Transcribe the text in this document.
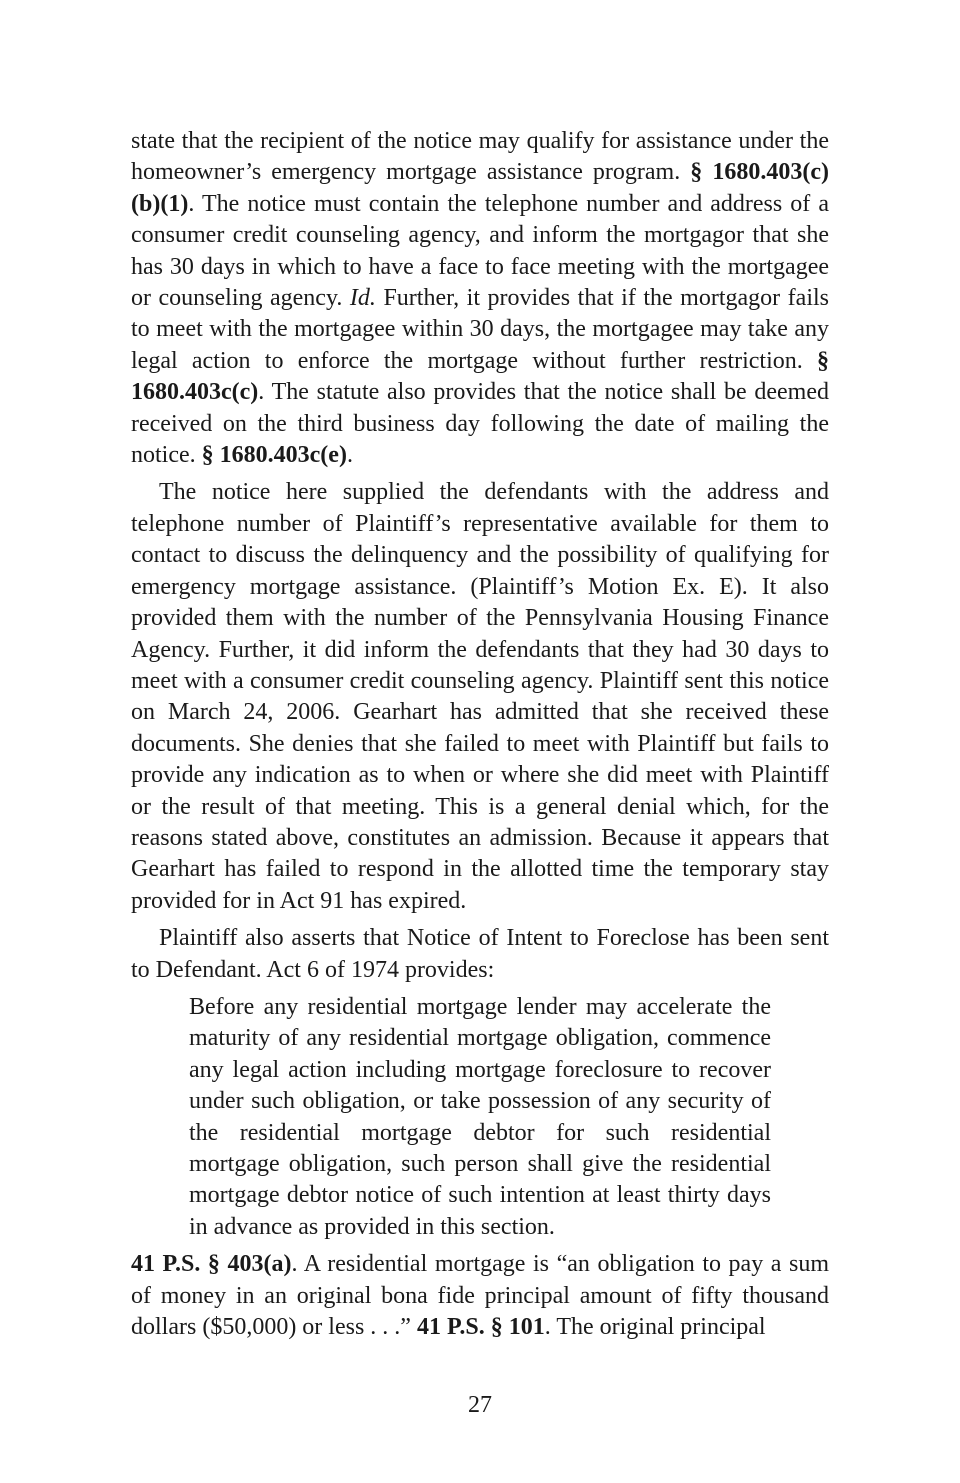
state that the recipient of the notice may qualify for assistance under the homeowner’s emergency mortgage assistance program. § 1680.403(c)(b)(1). The notice must contain the telephone number and address of a consumer credit counseling agency, and inform the mortgagor that she has 30 days in which to have a face to face meeting with the mortgagee or counseling agency. Id. Further, it provides that if the mortgagor fails to meet with the mortgagee within 30 days, the mortgagee may take any legal action to enforce the mortgage without further restriction. § 1680.403c(c). The statute also provides that the notice shall be deemed received on the third business day following the date of mailing the notice. § 1680.403c(e).

The notice here supplied the defendants with the address and telephone number of Plaintiff’s representative available for them to contact to discuss the delinquency and the possibility of qualifying for emergency mortgage assistance. (Plaintiff’s Motion Ex. E). It also provided them with the number of the Pennsylvania Housing Finance Agency. Further, it did inform the defendants that they had 30 days to meet with a consumer credit counseling agency. Plaintiff sent this notice on March 24, 2006. Gearhart has admitted that she received these documents. She denies that she failed to meet with Plaintiff but fails to provide any indication as to when or where she did meet with Plaintiff or the result of that meeting. This is a general denial which, for the reasons stated above, constitutes an admission. Because it appears that Gearhart has failed to respond in the allotted time the temporary stay provided for in Act 91 has expired.

Plaintiff also asserts that Notice of Intent to Foreclose has been sent to Defendant. Act 6 of 1974 provides:

Before any residential mortgage lender may accelerate the maturity of any residential mortgage obligation, commence any legal action including mortgage foreclosure to recover under such obligation, or take possession of any security of the residential mortgage debtor for such residential mortgage obligation, such person shall give the residential mortgage debtor notice of such intention at least thirty days in advance as provided in this section.

41 P.S. § 403(a). A residential mortgage is “an obligation to pay a sum of money in an original bona fide principal amount of fifty thousand dollars ($50,000) or less . . .” 41 P.S. § 101. The original principal

27
